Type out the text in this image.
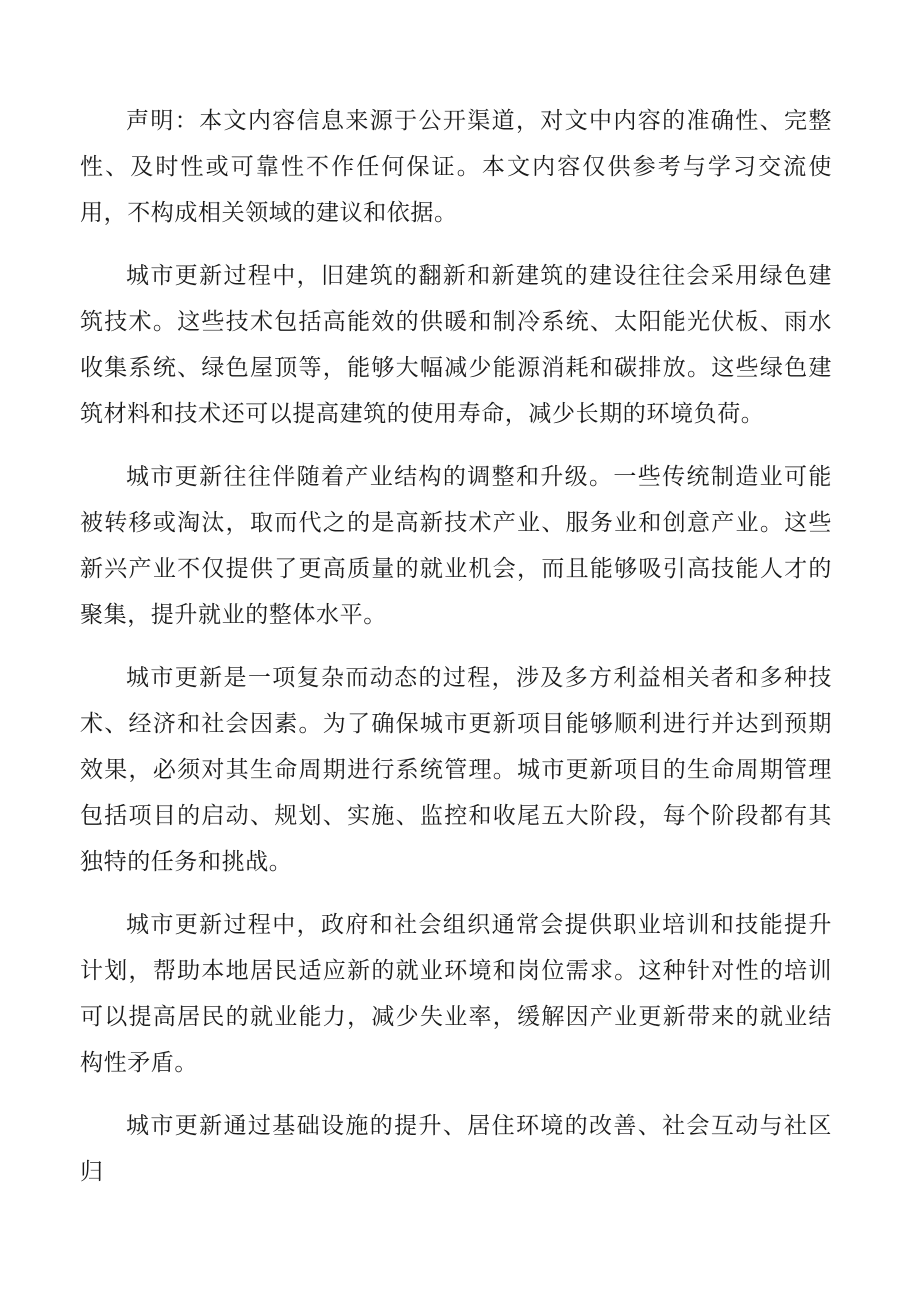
声明：本文内容信息来源于公开渠道，对文中内容的准确性、完整性、及时性或可靠性不作任何保证。本文内容仅供参考与学习交流使用，不构成相关领域的建议和依据。

城市更新过程中，旧建筑的翻新和新建筑的建设往往会采用绿色建筑技术。这些技术包括高能效的供暖和制冷系统、太阳能光伏板、雨水收集系统、绿色屋顶等，能够大幅减少能源消耗和碳排放。这些绿色建筑材料和技术还可以提高建筑的使用寿命，减少长期的环境负荷。

城市更新往往伴随着产业结构的调整和升级。一些传统制造业可能被转移或淘汰，取而代之的是高新技术产业、服务业和创意产业。这些新兴产业不仅提供了更高质量的就业机会，而且能够吸引高技能人才的聚集，提升就业的整体水平。

城市更新是一项复杂而动态的过程，涉及多方利益相关者和多种技术、经济和社会因素。为了确保城市更新项目能够顺利进行并达到预期效果，必须对其生命周期进行系统管理。城市更新项目的生命周期管理包括项目的启动、规划、实施、监控和收尾五大阶段，每个阶段都有其独特的任务和挑战。

城市更新过程中，政府和社会组织通常会提供职业培训和技能提升计划，帮助本地居民适应新的就业环境和岗位需求。这种针对性的培训可以提高居民的就业能力，减少失业率，缓解因产业更新带来的就业结构性矛盾。

城市更新通过基础设施的提升、居住环境的改善、社会互动与社区归
